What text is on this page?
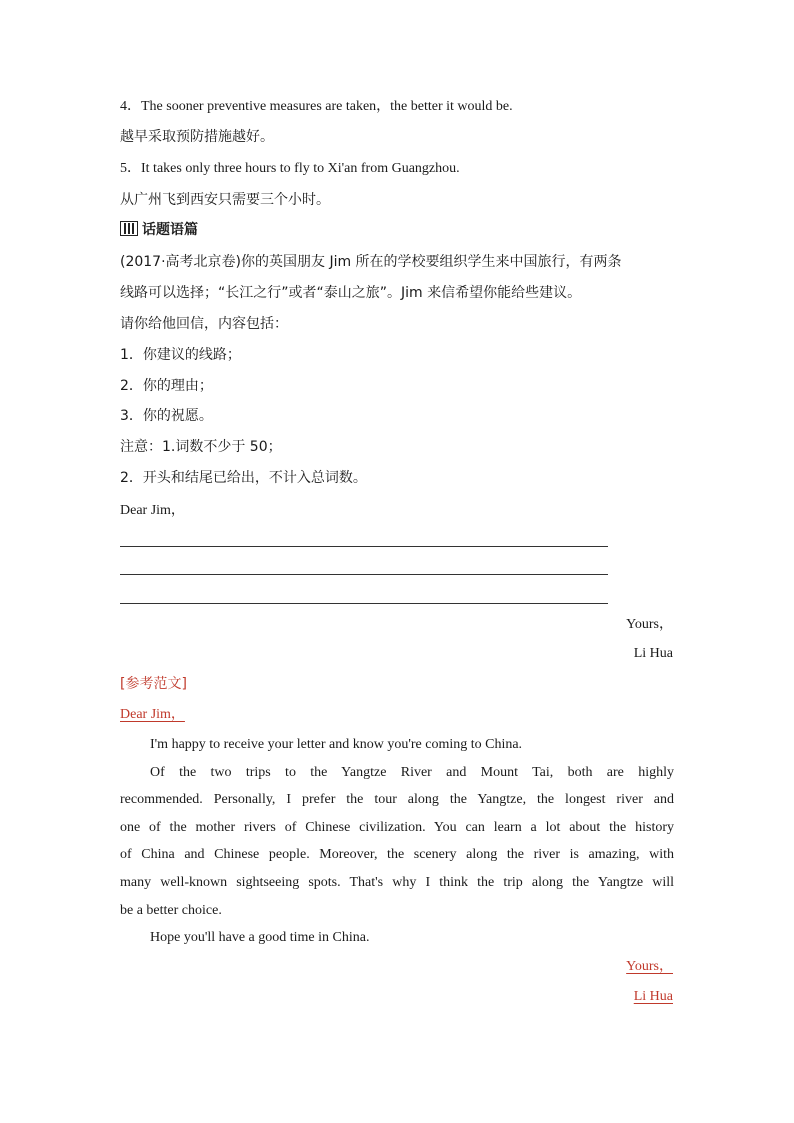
4．The sooner preventive measures are taken，the better it would be.
越早采取预防措施越好。
5．It takes only three hours to fly to Xi'an from Guangzhou.
从广州飞到西安只需要三个小时。
话题语篇
(2017·高考北京卷)你的英国朋友 Jim 所在的学校要组织学生来中国旅行，有两条
线路可以选择；“长江之行”或者“泰山之旅”。Jim 来信希望你能给些建议。
请你给他回信，内容包括：
1．你建议的线路；
2．你的理由；
3．你的祝愿。
注意：1.词数不少于 50；
2．开头和结尾已给出，不计入总词数。
Dear Jim，
Yours，
Li Hua
[参考范文]
Dear Jim，
I'm happy to receive your letter and know you're coming to China.
Of the two trips to the Yangtze River and Mount Tai, both are highly
recommended. Personally, I prefer the tour along the Yangtze, the longest river and
one of the mother rivers of Chinese civilization. You can learn a lot about the history
of China and Chinese people. Moreover, the scenery along the river is amazing, with
many well-known sightseeing spots. That's why I think the trip along the Yangtze will
be a better choice.
Hope you'll have a good time in China.
Yours，
Li Hua
